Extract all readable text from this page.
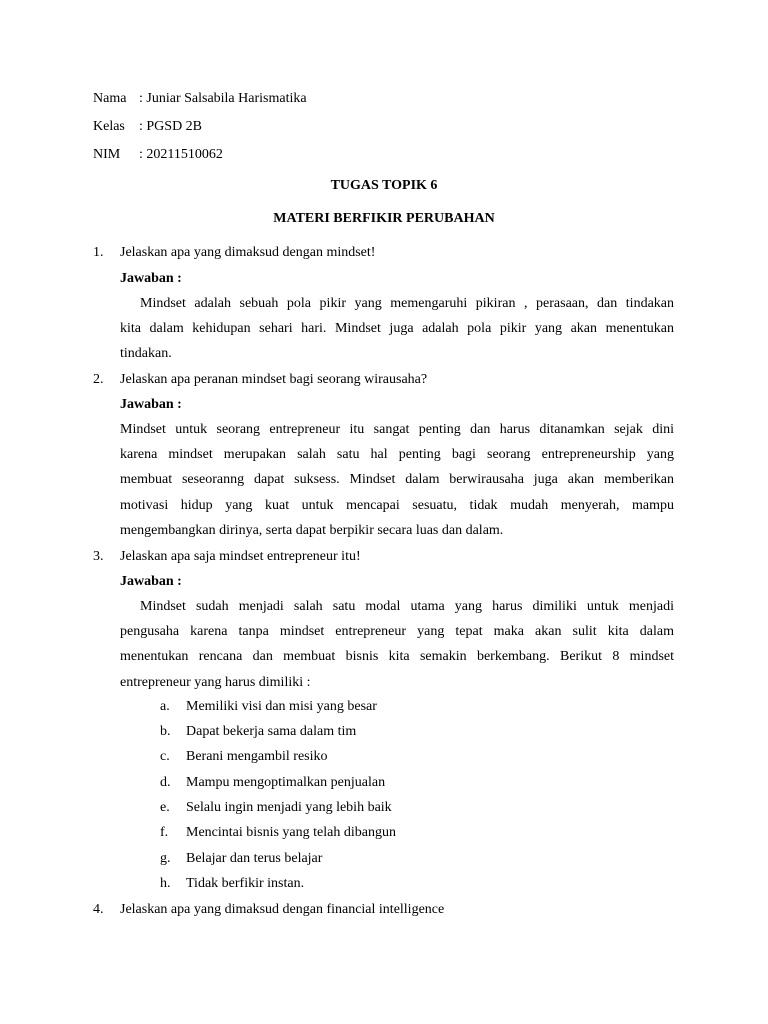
Nama : Juniar Salsabila Harismatika
Kelas : PGSD 2B
NIM : 20211510062
TUGAS TOPIK 6
MATERI BERFIKIR PERUBAHAN
1. Jelaskan apa yang dimaksud dengan mindset!
Jawaban :
Mindset adalah sebuah pola pikir yang memengaruhi pikiran , perasaan, dan tindakan
kita dalam kehidupan sehari hari. Mindset juga adalah pola pikir yang akan menentukan
tindakan.
2. Jelaskan apa peranan mindset bagi seorang wirausaha?
Jawaban :
Mindset untuk seorang entrepreneur itu sangat penting dan harus ditanamkan sejak dini
karena mindset merupakan salah satu hal penting bagi seorang entrepreneurship yang
membuat seseoranng dapat suksess. Mindset dalam berwirausaha juga akan memberikan
motivasi hidup yang kuat untuk mencapai sesuatu, tidak mudah menyerah, mampu
mengembangkan dirinya, serta dapat berpikir secara luas dan dalam.
3. Jelaskan apa saja mindset entrepreneur itu!
Jawaban :
Mindset sudah menjadi salah satu modal utama yang harus dimiliki untuk menjadi
pengusaha karena tanpa mindset entrepreneur yang tepat maka akan sulit kita dalam
menentukan rencana dan membuat bisnis kita semakin berkembang. Berikut 8 mindset
entrepreneur yang harus dimiliki :
a. Memiliki visi dan misi yang besar
b. Dapat bekerja sama dalam tim
c. Berani mengambil resiko
d. Mampu mengoptimalkan penjualan
e. Selalu ingin menjadi yang lebih baik
f. Mencintai bisnis yang telah dibangun
g. Belajar dan terus belajar
h. Tidak berfikir instan.
4. Jelaskan apa yang dimaksud dengan financial intelligence
